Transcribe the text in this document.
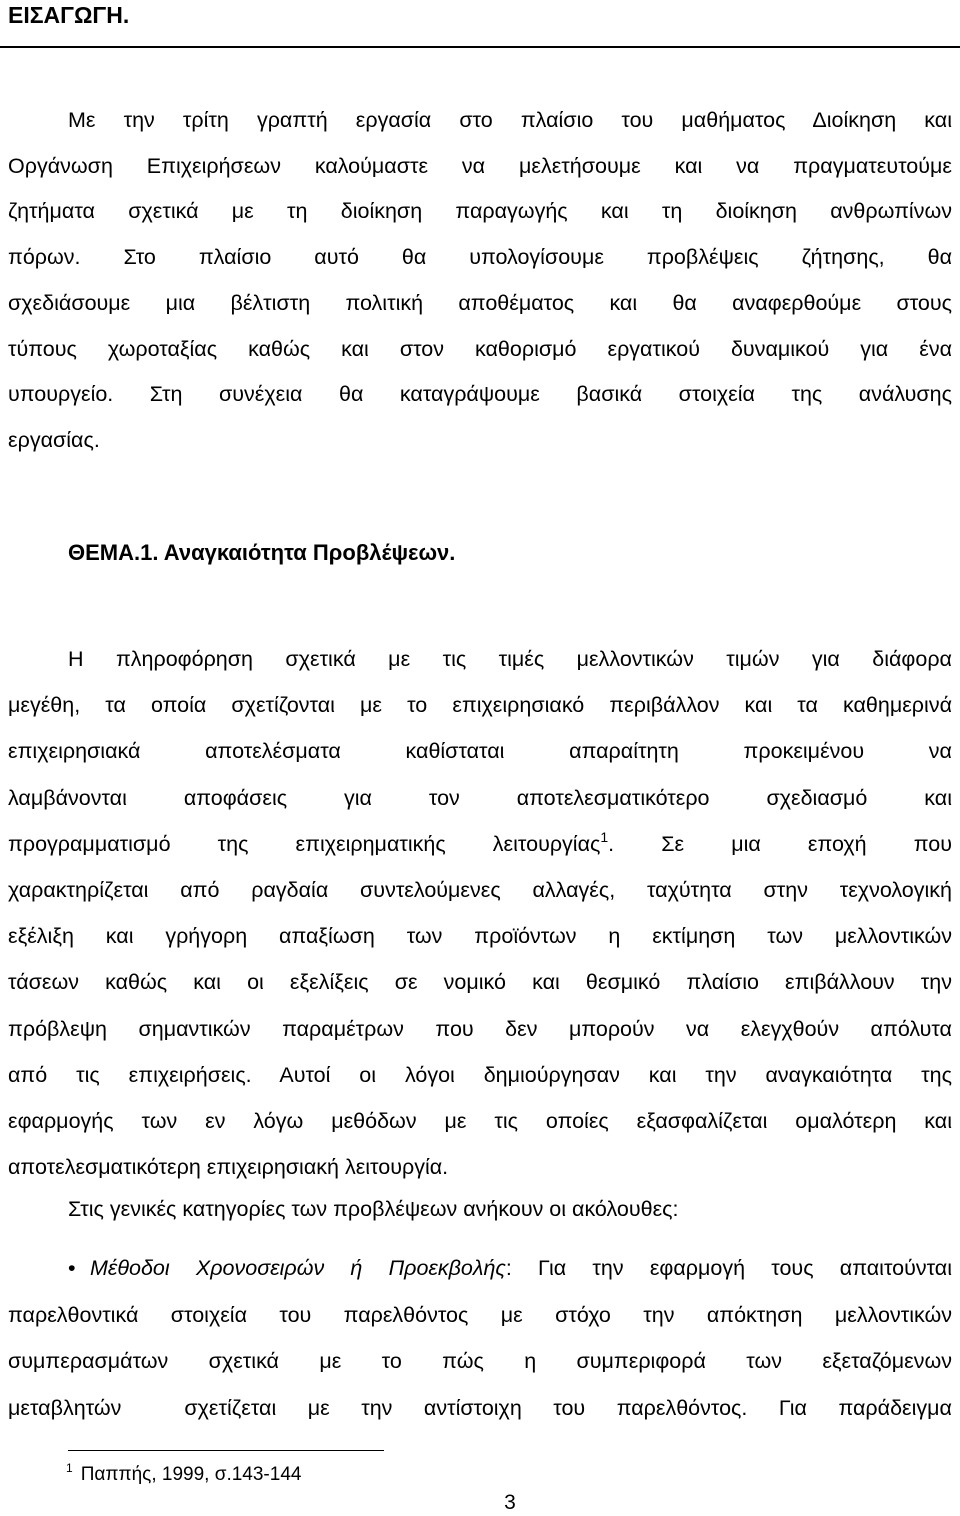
ΕΙΣΑΓΩΓΗ.

Με την τρίτη γραπτή εργασία στο πλαίσιο του μαθήματος Διοίκηση και
Οργάνωση Επιχειρήσεων καλούμαστε να μελετήσουμε και να πραγματευτούμε
ζητήματα σχετικά με τη διοίκηση παραγωγής και τη διοίκηση ανθρωπίνων
πόρων. Στο πλαίσιο αυτό θα υπολογίσουμε προβλέψεις ζήτησης, θα
σχεδιάσουμε μια βέλτιστη πολιτική αποθέματος και θα αναφερθούμε στους
τύπους χωροταξίας καθώς και στον καθορισμό εργατικού δυναμικού για ένα
υπουργείο. Στη συνέχεια θα καταγράψουμε βασικά στοιχεία της ανάλυσης
εργασίας.

ΘΕΜΑ.1. Αναγκαιότητα Προβλέψεων.

Η πληροφόρηση σχετικά με τις τιμές μελλοντικών τιμών για διάφορα
μεγέθη, τα οποία σχετίζονται με το επιχειρησιακό περιβάλλον και τα καθημερινά
επιχειρησιακά αποτελέσματα καθίσταται απαραίτητη προκειμένου να
λαμβάνονται αποφάσεις για τον αποτελεσματικότερο σχεδιασμό και
προγραμματισμό της επιχειρηματικής λειτουργίας$^1$. Σε μια εποχή που
χαρακτηρίζεται από ραγδαία συντελούμενες αλλαγές, ταχύτητα στην τεχνολογική
εξέλιξη και γρήγορη απαξίωση των προϊόντων η εκτίμηση των μελλοντικών
τάσεων καθώς και οι εξελίξεις σε νομικό και θεσμικό πλαίσιο επιβάλλουν την
πρόβλεψη σημαντικών παραμέτρων που δεν μπορούν να ελεγχθούν απόλυτα
από τις επιχειρήσεις. Αυτοί οι λόγοι δημιούργησαν και την αναγκαιότητα της
εφαρμογής των εν λόγω μεθόδων με τις οποίες εξασφαλίζεται ομαλότερη και
αποτελεσματικότερη επιχειρησιακή λειτουργία.

Στις γενικές κατηγορίες των προβλέψεων ανήκουν οι ακόλουθες:

• Μέθοδοι Χρονοσειρών ή Προεκβολής: Για την εφαρμογή τους απαιτούνται
παρελθοντικά στοιχεία του παρελθόντος με στόχο την απόκτηση μελλοντικών
συμπερασμάτων σχετικά με το πώς η συμπεριφορά των εξεταζόμενων
μεταβλητών  σχετίζεται με την αντίστοιχη του παρελθόντος. Για παράδειγμα

$^1$ Παππής, 1999, σ.143-144

3
